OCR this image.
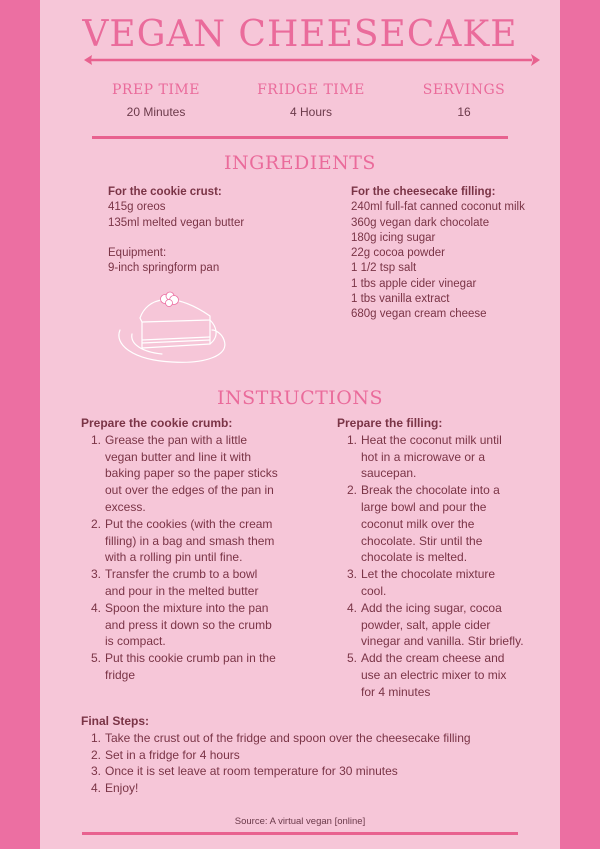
VEGAN CHEESECAKE
PREP TIME
20 Minutes
FRIDGE TIME
4 Hours
SERVINGS
16
INGREDIENTS

For the cookie crust:

415g oreos

135ml melted vegan butter

Equipment:

9-inch springform pan

For the cheesecake filling:

240ml full-fat canned coconut milk

360g vegan dark chocolate

180g icing sugar

22g cocoa powder

1 1/2 tsp salt

1 tbs apple cider vinegar

1 tbs vanilla extract

680g vegan cream cheese

INSTRUCTIONS
Prepare the cookie crumb:
1. Grease the pan with a little
vegan butter and line it with
baking paper so the paper sticks
out over the edges of the pan in
excess.
2. Put the cookies (with the cream
filling) in a bag and smash them
with a rolling pin until fine.
3. Transfer the crumb to a bowl
and pour in the melted butter
4. Spoon the mixture into the pan
and press it down so the crumb
is compact.
5. Put this cookie crumb pan in the
fridge
Prepare the filling:
1. Heat the coconut milk until
hot in a microwave or a
saucepan.
2. Break the chocolate into a
large bowl and pour the
coconut milk over the
chocolate. Stir until the
chocolate is melted.
3. Let the chocolate mixture
cool.
4. Add the icing sugar, cocoa
powder, salt, apple cider
vinegar and vanilla. Stir briefly.
5. Add the cream cheese and
use an electric mixer to mix
for 4 minutes
Final Steps:
1. Take the crust out of the fridge and spoon over the cheesecake filling
2. Set in a fridge for 4 hours
3. Once it is set leave at room temperature for 30 minutes
4. Enjoy!
Source: A virtual vegan [online]
